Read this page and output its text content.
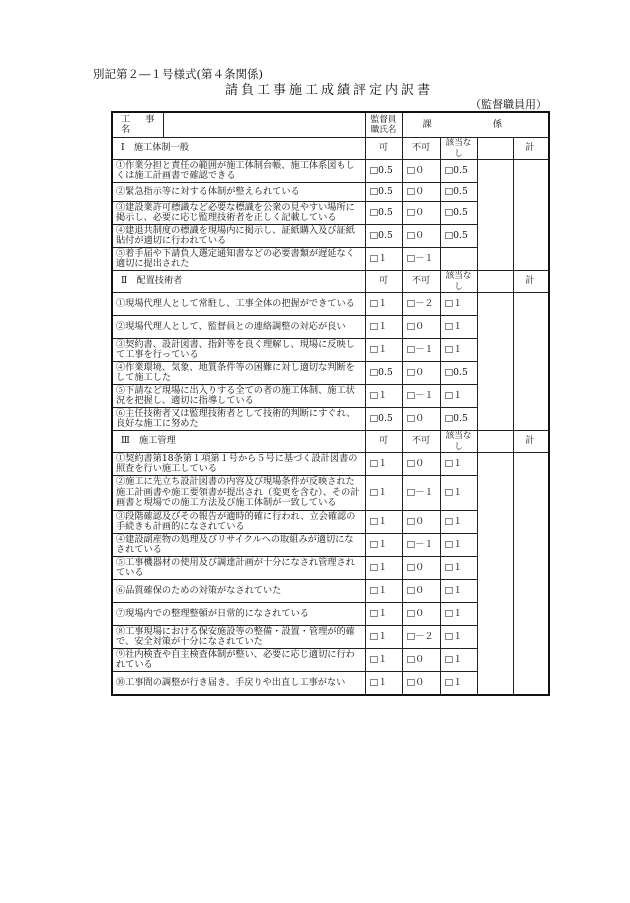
別記第２―１号様式(第４条関係)
請負工事施工成績評定内訳書
（監督職員用）
工 事 名	
	監督員職氏名	課　係
Ⅰ　施工体制一般	可	不可	該当なし		計
①作業分担と責任の範囲が施工体制台帳、施工体系図もしくは施工計画書で確認できる	□0.5	□０	□0.5		
②緊急指示等に対する体制が整えられている	□0.5	□０	□0.5
③建設業許可標識など必要な標識を公衆の見やすい場所に掲示し、必要に応じ監理技術者を正しく記載している	□0.5	□０	□0.5
④建退共制度の標識を現場内に掲示し、証紙購入及び証紙貼付が適切に行われている	□0.5	□０	□0.5
⑤着手届や下請負人選定通知書などの必要書類が遅延なく適切に提出された	□１	□－１	
Ⅱ　配置技術者	可	不可	該当なし		計
①現場代理人として常駐し、工事全体の把握ができている	□１	□－２	□１		
②現場代理人として、監督員との連絡調整の対応が良い	□１	□０	□１
③契約書、設計図書、指針等を良く理解し、現場に反映して工事を行っている	□１	□－１	□１
④作業環境、気象、地質条件等の困難に対し適切な判断をして施工した	□0.5	□０	□0.5
⑤下請など現場に出入りする全ての者の施工体制、施工状況を把握し、適切に指導している	□１	□－１	□１
⑥主任技術者又は監理技術者として技術的判断にすぐれ、良好な施工に努めた	□0.5	□０	□0.5
Ⅲ　施工管理	可	不可	該当なし		計
①契約書第18条第１項第１号から５号に基づく設計図書の照査を行い施工している	□１	□０	□１		
②施工に先立ち設計図書の内容及び現場条件が反映された施工計画書や施工要領書が提出され（変更を含む）、その計画書と現場での施工方法及び施工体制が一致している	□１	□－１	□１
③段階確認及びその報告が適時的確に行われ、立会確認の手続きも計画的になされている	□１	□０	□１
④建設副産物の処理及びリサイクルへの取組みが適切になされている	□１	□－１	□１
⑤工事機器材の使用及び調達計画が十分になされ管理されている	□１	□０	□１
⑥品質確保のための対策がなされていた	□１	□０	□１
⑦現場内での整理整頓が日常的になされている	□１	□０	□１
⑧工事現場における保安施設等の整備・設置・管理が的確で、安全対策が十分になされていた	□１	□－２	□１
⑨社内検査や自主検査体制が整い、必要に応じ適切に行われている	□１	□０	□１
⑩工事間の調整が行き届き、手戻りや出直し工事がない	□１	□０	□１
